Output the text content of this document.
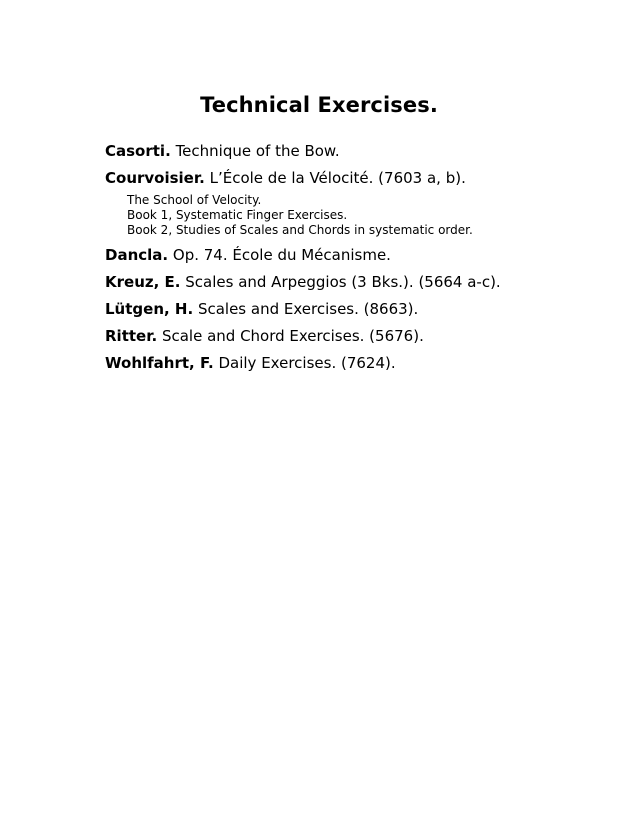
Technical Exercises.
Casorti. Technique of the Bow.
Courvoisier. L’École de la Vélocité. (7603 a, b).
The School of Velocity.
Book 1, Systematic Finger Exercises.
Book 2, Studies of Scales and Chords in systematic order.
Dancla. Op. 74. École du Mécanisme.
Kreuz, E. Scales and Arpeggios (3 Bks.). (5664 a-c).
Lütgen, H. Scales and Exercises. (8663).
Ritter. Scale and Chord Exercises. (5676).
Wohlfahrt, F. Daily Exercises. (7624).
